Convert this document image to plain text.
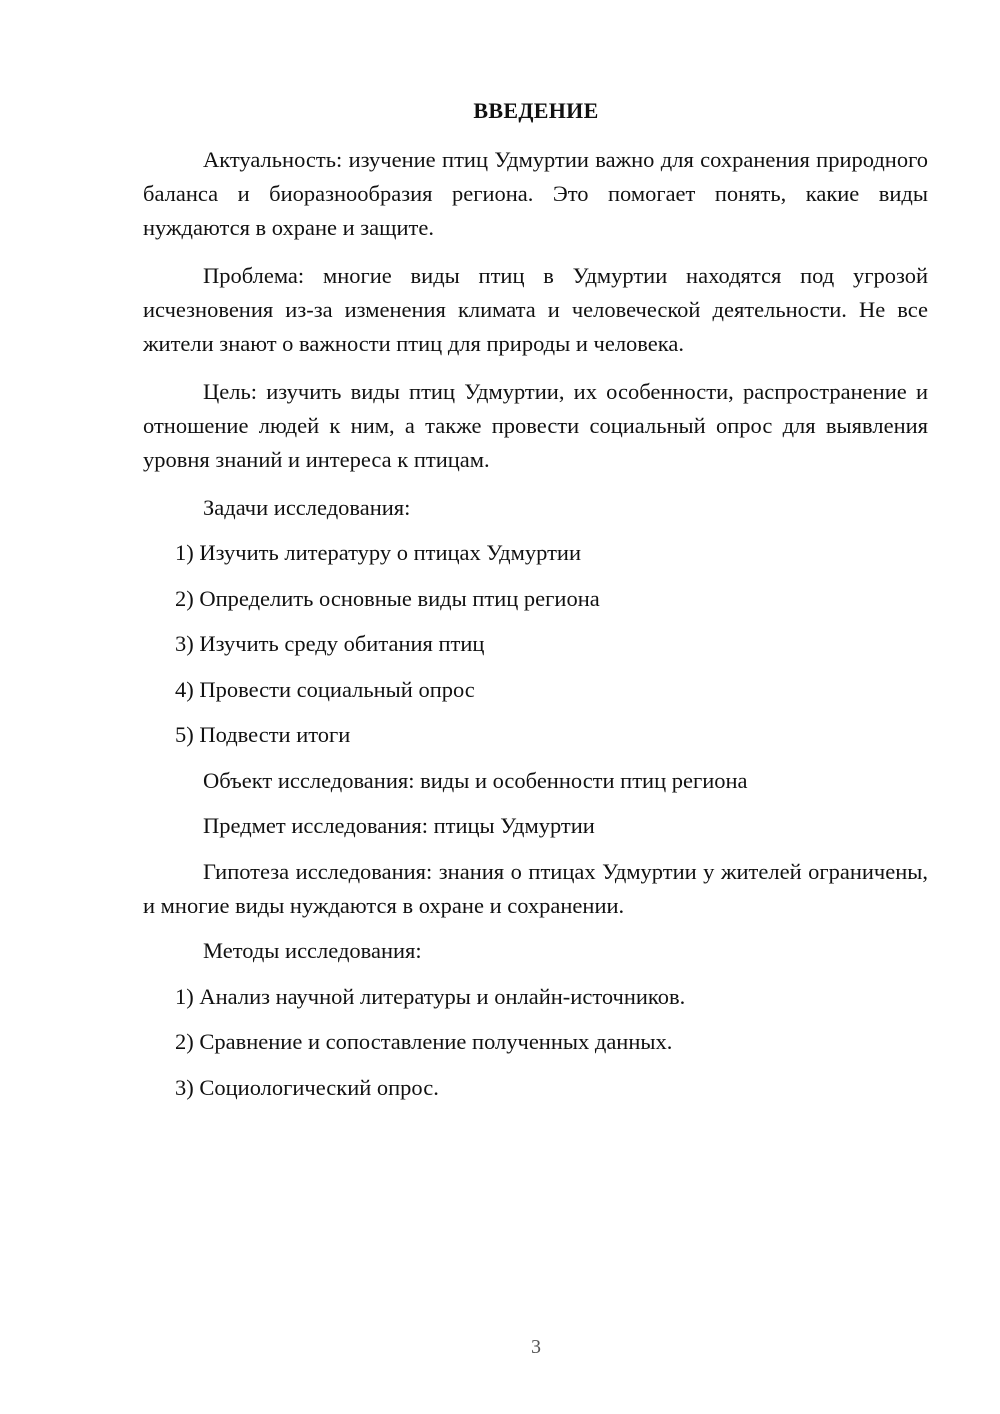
ВВЕДЕНИЕ

Актуальность: изучение птиц Удмуртии важно для сохранения природного баланса и биоразнообразия региона. Это помогает понять, какие виды нуждаются в охране и защите.

Проблема: многие виды птиц в Удмуртии находятся под угрозой исчезновения из-за изменения климата и человеческой деятельности. Не все жители знают о важности птиц для природы и человека.

Цель: изучить виды птиц Удмуртии, их особенности, распространение и отношение людей к ним, а также провести социальный опрос для выявления уровня знаний и интереса к птицам.

Задачи исследования:

1) Изучить литературу о птицах Удмуртии

2) Определить основные виды птиц региона

3) Изучить среду обитания птиц

4) Провести социальный опрос

5) Подвести итоги

Объект исследования: виды и особенности птиц региона

Предмет исследования: птицы Удмуртии

Гипотеза исследования: знания о птицах Удмуртии у жителей ограничены, и многие виды нуждаются в охране и сохранении.

Методы исследования:

1) Анализ научной литературы и онлайн-источников.

2) Сравнение и сопоставление полученных данных.

3) Социологический опрос.

3
